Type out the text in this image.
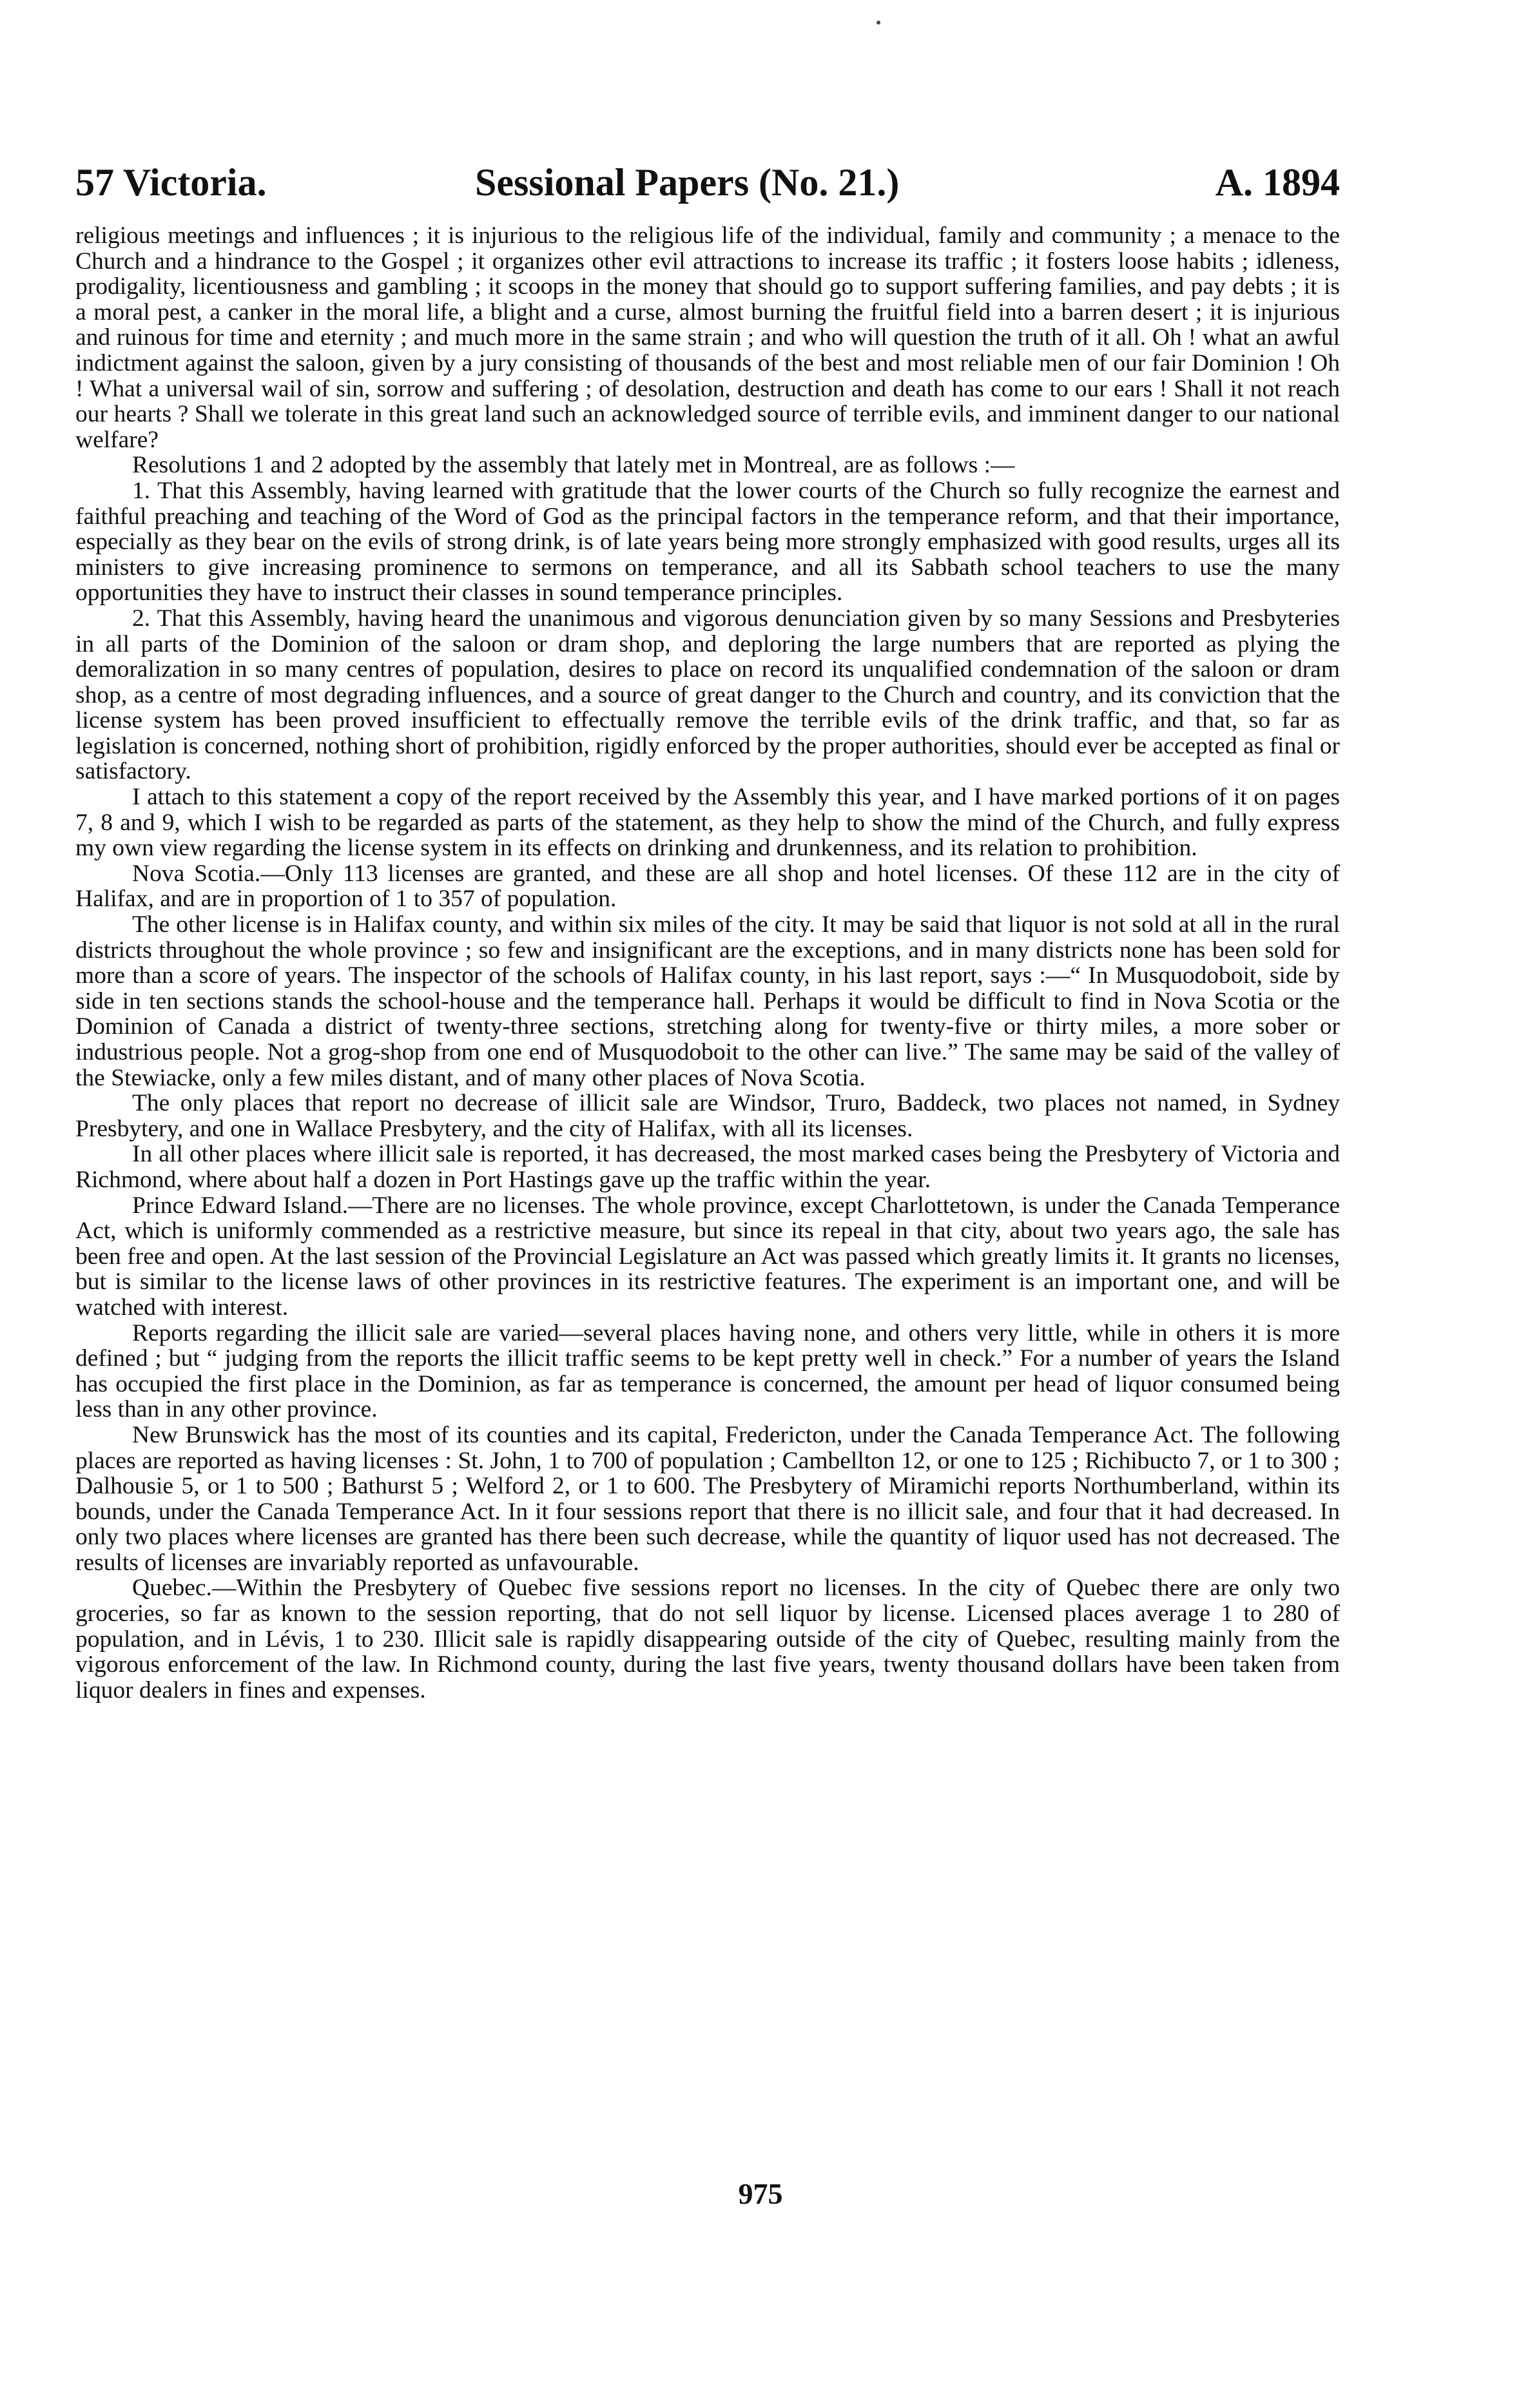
57 Victoria.	Sessional Papers (No. 21.)	A. 1894

religious meetings and influences ; it is injurious to the religious life of the individual, family and community ; a menace to the Church and a hindrance to the Gospel ; it organizes other evil attractions to increase its traffic ; it fosters loose habits ; idleness, prodigality, licentiousness and gambling ; it scoops in the money that should go to support suffering families, and pay debts ; it is a moral pest, a canker in the moral life, a blight and a curse, almost burning the fruitful field into a barren desert ; it is injurious and ruinous for time and eternity ; and much more in the same strain ; and who will question the truth of it all. Oh ! what an awful indictment against the saloon, given by a jury consisting of thousands of the best and most reliable men of our fair Dominion ! Oh ! What a universal wail of sin, sorrow and suffering ; of desolation, destruction and death has come to our ears ! Shall it not reach our hearts ? Shall we tolerate in this great land such an acknowledged source of terrible evils, and imminent danger to our national welfare?

Resolutions 1 and 2 adopted by the assembly that lately met in Montreal, are as follows :—

1. That this Assembly, having learned with gratitude that the lower courts of the Church so fully recognize the earnest and faithful preaching and teaching of the Word of God as the principal factors in the temperance reform, and that their importance, especially as they bear on the evils of strong drink, is of late years being more strongly emphasized with good results, urges all its ministers to give increasing prominence to sermons on temperance, and all its Sabbath school teachers to use the many opportunities they have to instruct their classes in sound temperance principles.

2. That this Assembly, having heard the unanimous and vigorous denunciation given by so many Sessions and Presbyteries in all parts of the Dominion of the saloon or dram shop, and deploring the large numbers that are reported as plying the demoralization in so many centres of population, desires to place on record its unqualified condemnation of the saloon or dram shop, as a centre of most degrading influences, and a source of great danger to the Church and country, and its conviction that the license system has been proved insufficient to effectually remove the terrible evils of the drink traffic, and that, so far as legislation is concerned, nothing short of prohibition, rigidly enforced by the proper authorities, should ever be accepted as final or satisfactory.

I attach to this statement a copy of the report received by the Assembly this year, and I have marked portions of it on pages 7, 8 and 9, which I wish to be regarded as parts of the statement, as they help to show the mind of the Church, and fully express my own view regarding the license system in its effects on drinking and drunkenness, and its relation to prohibition.

Nova Scotia.—Only 113 licenses are granted, and these are all shop and hotel licenses. Of these 112 are in the city of Halifax, and are in proportion of 1 to 357 of population.

The other license is in Halifax county, and within six miles of the city. It may be said that liquor is not sold at all in the rural districts throughout the whole province ; so few and insignificant are the exceptions, and in many districts none has been sold for more than a score of years. The inspector of the schools of Halifax county, in his last report, says :—“ In Musquodoboit, side by side in ten sections stands the school-house and the temperance hall. Perhaps it would be difficult to find in Nova Scotia or the Dominion of Canada a district of twenty-three sections, stretching along for twenty-five or thirty miles, a more sober or industrious people. Not a grog-shop from one end of Musquodoboit to the other can live.” The same may be said of the valley of the Stewiacke, only a few miles distant, and of many other places of Nova Scotia.

The only places that report no decrease of illicit sale are Windsor, Truro, Baddeck, two places not named, in Sydney Presbytery, and one in Wallace Presbytery, and the city of Halifax, with all its licenses.

In all other places where illicit sale is reported, it has decreased, the most marked cases being the Presbytery of Victoria and Richmond, where about half a dozen in Port Hastings gave up the traffic within the year.

Prince Edward Island.—There are no licenses. The whole province, except Charlottetown, is under the Canada Temperance Act, which is uniformly commended as a restrictive measure, but since its repeal in that city, about two years ago, the sale has been free and open. At the last session of the Provincial Legislature an Act was passed which greatly limits it. It grants no licenses, but is similar to the license laws of other provinces in its restrictive features. The experiment is an important one, and will be watched with interest.

Reports regarding the illicit sale are varied—several places having none, and others very little, while in others it is more defined ; but “ judging from the reports the illicit traffic seems to be kept pretty well in check.” For a number of years the Island has occupied the first place in the Dominion, as far as temperance is concerned, the amount per head of liquor consumed being less than in any other province.

New Brunswick has the most of its counties and its capital, Fredericton, under the Canada Temperance Act. The following places are reported as having licenses : St. John, 1 to 700 of population ; Cambellton 12, or one to 125 ; Richibucto 7, or 1 to 300 ; Dalhousie 5, or 1 to 500 ; Bathurst 5 ; Welford 2, or 1 to 600. The Presbytery of Miramichi reports Northumberland, within its bounds, under the Canada Temperance Act. In it four sessions report that there is no illicit sale, and four that it had decreased. In only two places where licenses are granted has there been such decrease, while the quantity of liquor used has not decreased. The results of licenses are invariably reported as unfavourable.

Quebec.—Within the Presbytery of Quebec five sessions report no licenses. In the city of Quebec there are only two groceries, so far as known to the session reporting, that do not sell liquor by license. Licensed places average 1 to 280 of population, and in Lévis, 1 to 230. Illicit sale is rapidly disappearing outside of the city of Quebec, resulting mainly from the vigorous enforcement of the law. In Richmond county, during the last five years, twenty thousand dollars have been taken from liquor dealers in fines and expenses.

975
